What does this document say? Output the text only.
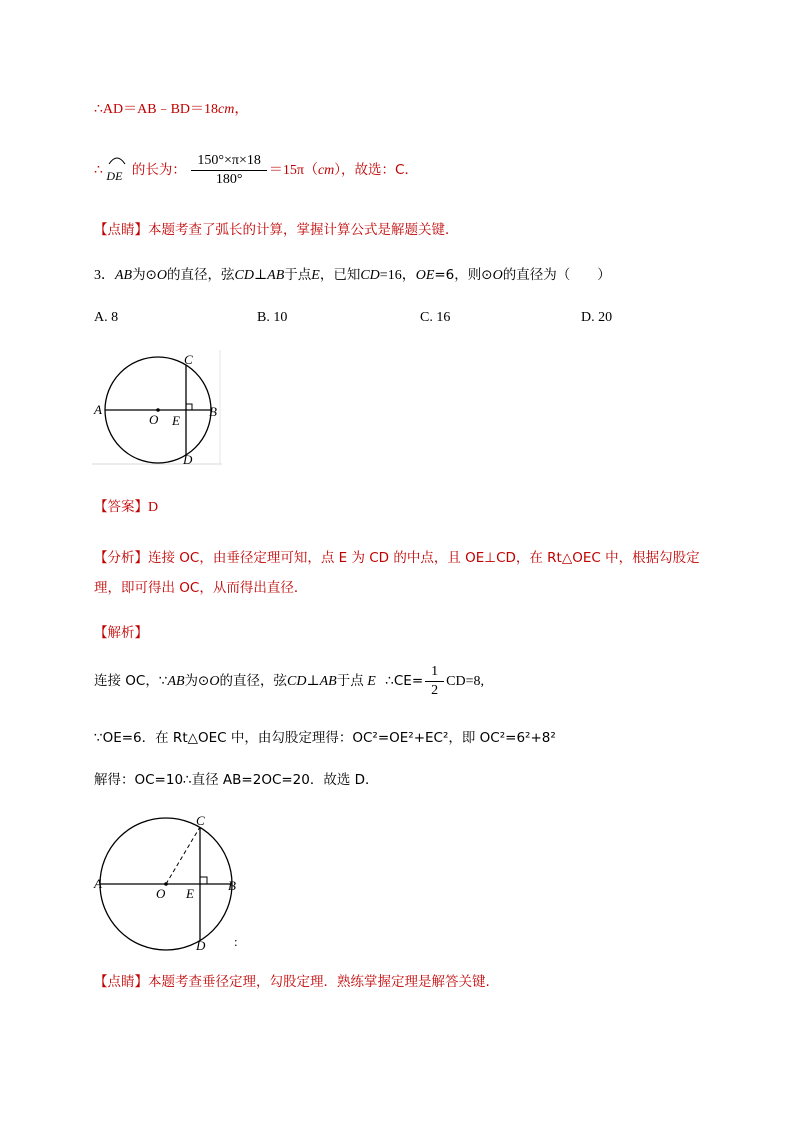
∴AD＝AB﹣BD＝18cm，
∴ DE 的长为： $\frac{150^\circ\times\pi\times 18}{180^\circ} =15\pi(cm)$，故选：C．
【点睛】本题考查了弧长的计算，掌握计算公式是解题关键．
3．AB为⊙O的直径，弦CD⊥AB于点E，已知CD=16，OE=6，则⊙O的直径为（　　）
A. 8	B. 10	C. 16	D. 20
A	B
C
D
O E
【答案】D
【分析】连接 OC，由垂径定理可知，点 E 为 CD 的中点，且 OE⊥CD，在 Rt△OEC 中，根据勾股定
理，即可得出 OC，从而得出直径．
【解析】
连接 OC，∵AB为⊙O的直径，弦CD⊥AB于点 E ∴CE= $\frac{1}{2} CD=8$,
∵OE=6．在 Rt△OEC 中，由勾股定理得：OC²=OE²+EC²，即 OC²=6²+8²
解得：OC=10∴直径 AB=2OC=20．故选 D．
A	B
C
D
O E
:
【点睛】本题考查垂径定理，勾股定理．熟练掌握定理是解答关键.
